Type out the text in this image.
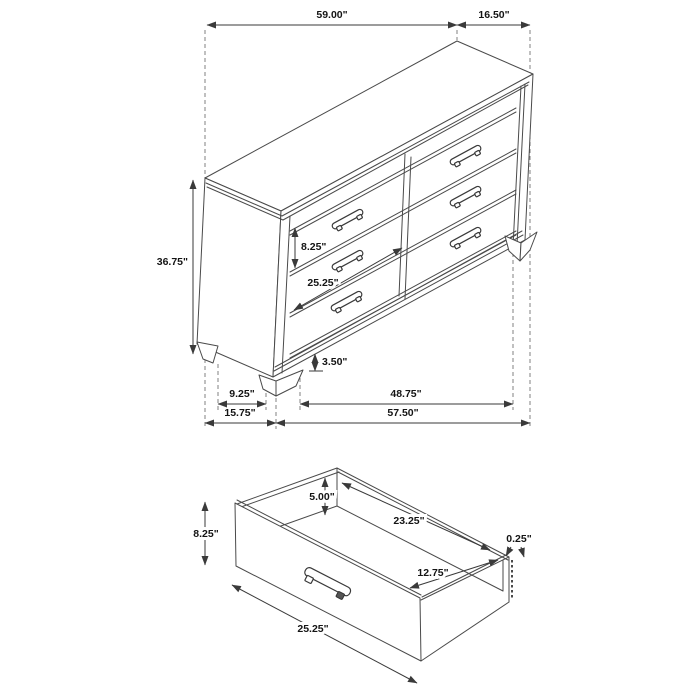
59.00"	16.50"
36.75"
8.25"
25.25"
9.25"	48.75"
15.75"	57.50"
3.50"
8.25"
5.00"
23.25"
12.75"
0.25"
25.25"
